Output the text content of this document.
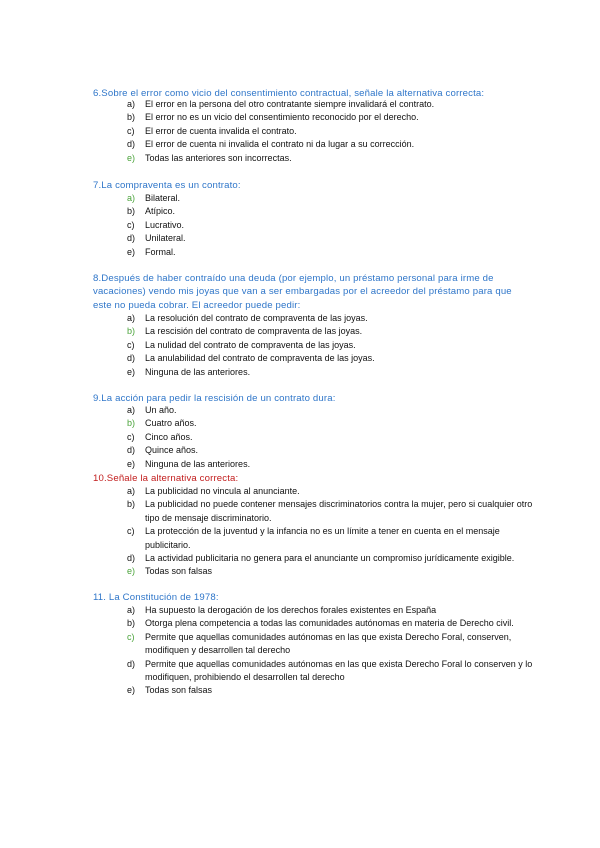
6.Sobre el error como vicio del consentimiento contractual, señale la alternativa correcta:
a)	El error en la persona del otro contratante siempre invalidará el contrato.
b)	El error no es un vicio del consentimiento reconocido por el derecho.
c)	El error de cuenta invalida el contrato.
d)	El error de cuenta ni invalida el contrato ni da lugar a su corrección.
e)	Todas las anteriores son incorrectas.
7.La compraventa es un contrato:
a)	Bilateral.
b)	Atípico.
c)	Lucrativo.
d)	Unilateral.
e)	Formal.
8.Después de haber contraído una deuda (por ejemplo, un préstamo personal para irme de vacaciones) vendo mis joyas que van a ser embargadas por el acreedor del préstamo para que este no pueda cobrar. El acreedor puede pedir:
a)	La resolución del contrato de compraventa de las joyas.
b)	La rescisión del contrato de compraventa de las joyas.
c)	La nulidad del contrato de compraventa de las joyas.
d)	La anulabilidad del contrato de compraventa de las joyas.
e)	Ninguna de las anteriores.
9.La acción para pedir la rescisión de un contrato dura:
a)	Un año.
b)	Cuatro años.
c)	Cinco años.
d)	Quince años.
e)	Ninguna de las anteriores.
10.Señale la alternativa correcta:
a)	La publicidad no vincula al anunciante.
b)	La publicidad no puede contener mensajes discriminatorios contra la mujer, pero si cualquier otro tipo de mensaje discriminatorio.
c)	La protección de la juventud y la infancia no es un límite a tener en cuenta en el mensaje publicitario.
d)	La actividad publicitaria no genera para el anunciante un compromiso jurídicamente exigible.
e)	Todas son falsas
11. La Constitución de 1978:
a)	Ha supuesto la derogación de los derechos forales existentes en España
b)	Otorga plena competencia a todas las comunidades autónomas en materia de Derecho civil.
c)	Permite que aquellas comunidades autónomas en las que exista Derecho Foral, conserven, modifiquen y desarrollen tal derecho
d)	Permite que aquellas comunidades autónomas en las que exista Derecho Foral lo conserven y lo modifiquen, prohibiendo el desarrollen tal derecho
e)	Todas son falsas
